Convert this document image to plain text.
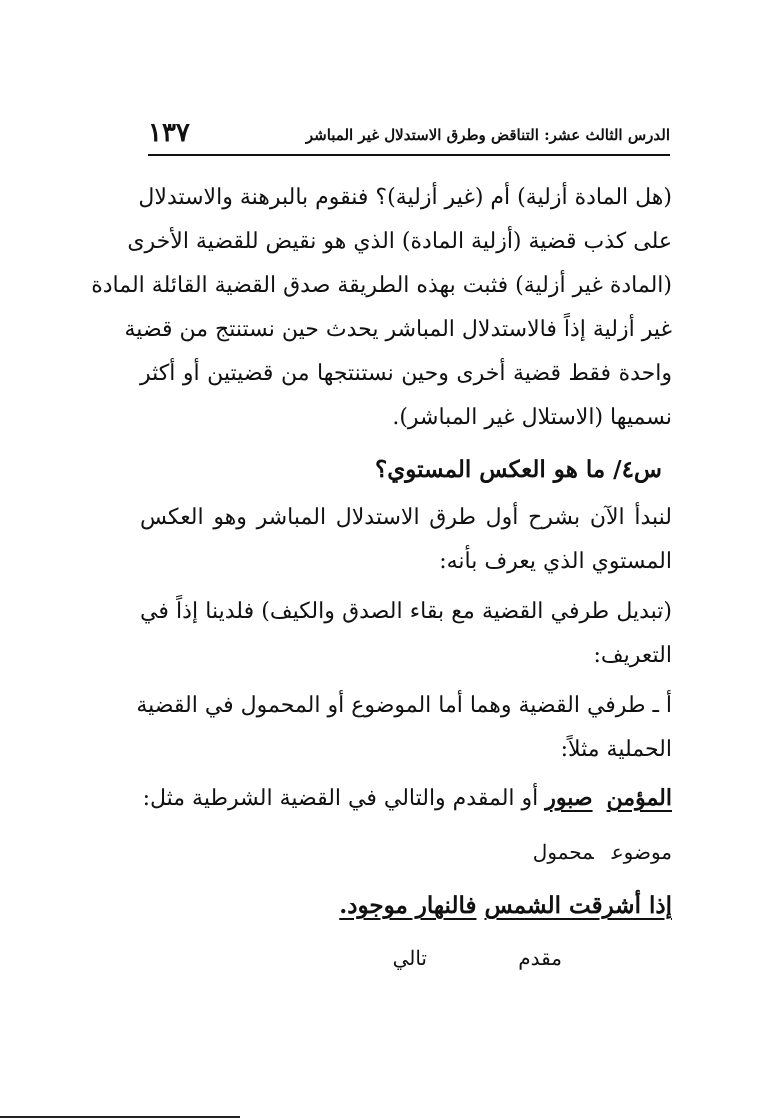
الدرس الثالث عشر: التناقض وطرق الاستدلال غير المباشر
١٣٧
(هل المادة أزلية) أم (غير أزلية)؟ فنقوم بالبرهنة والاستدلال
على كذب قضية (أزلية المادة) الذي هو نقيض للقضية الأخرى
(المادة غير أزلية) فثبت بهذه الطريقة صدق القضية القائلة المادة
غير أزلية إذاً فالاستدلال المباشر يحدث حين نستنتج من قضية
واحدة فقط قضية أخرى وحين نستنتجها من قضيتين أو أكثر
نسميها (الاستلال غير المباشر).
س٤/ ما هو العكس المستوي؟
لنبدأ الآن بشرح أول طرق الاستدلال المباشر وهو العكس
المستوي الذي يعرف بأنه:
(تبديل طرفي القضية مع بقاء الصدق والكيف) فلدينا إذاً في
التعريف:
أ ـ طرفي القضية وهما أما الموضوع أو المحمول في القضية
الحملية مثلاً:
المؤمن  صبور أو المقدم والتالي في القضية الشرطية مثل:
موضوعمحمول
إذا أشرقت الشمس فالنهار موجود.
مقدم
تالي
